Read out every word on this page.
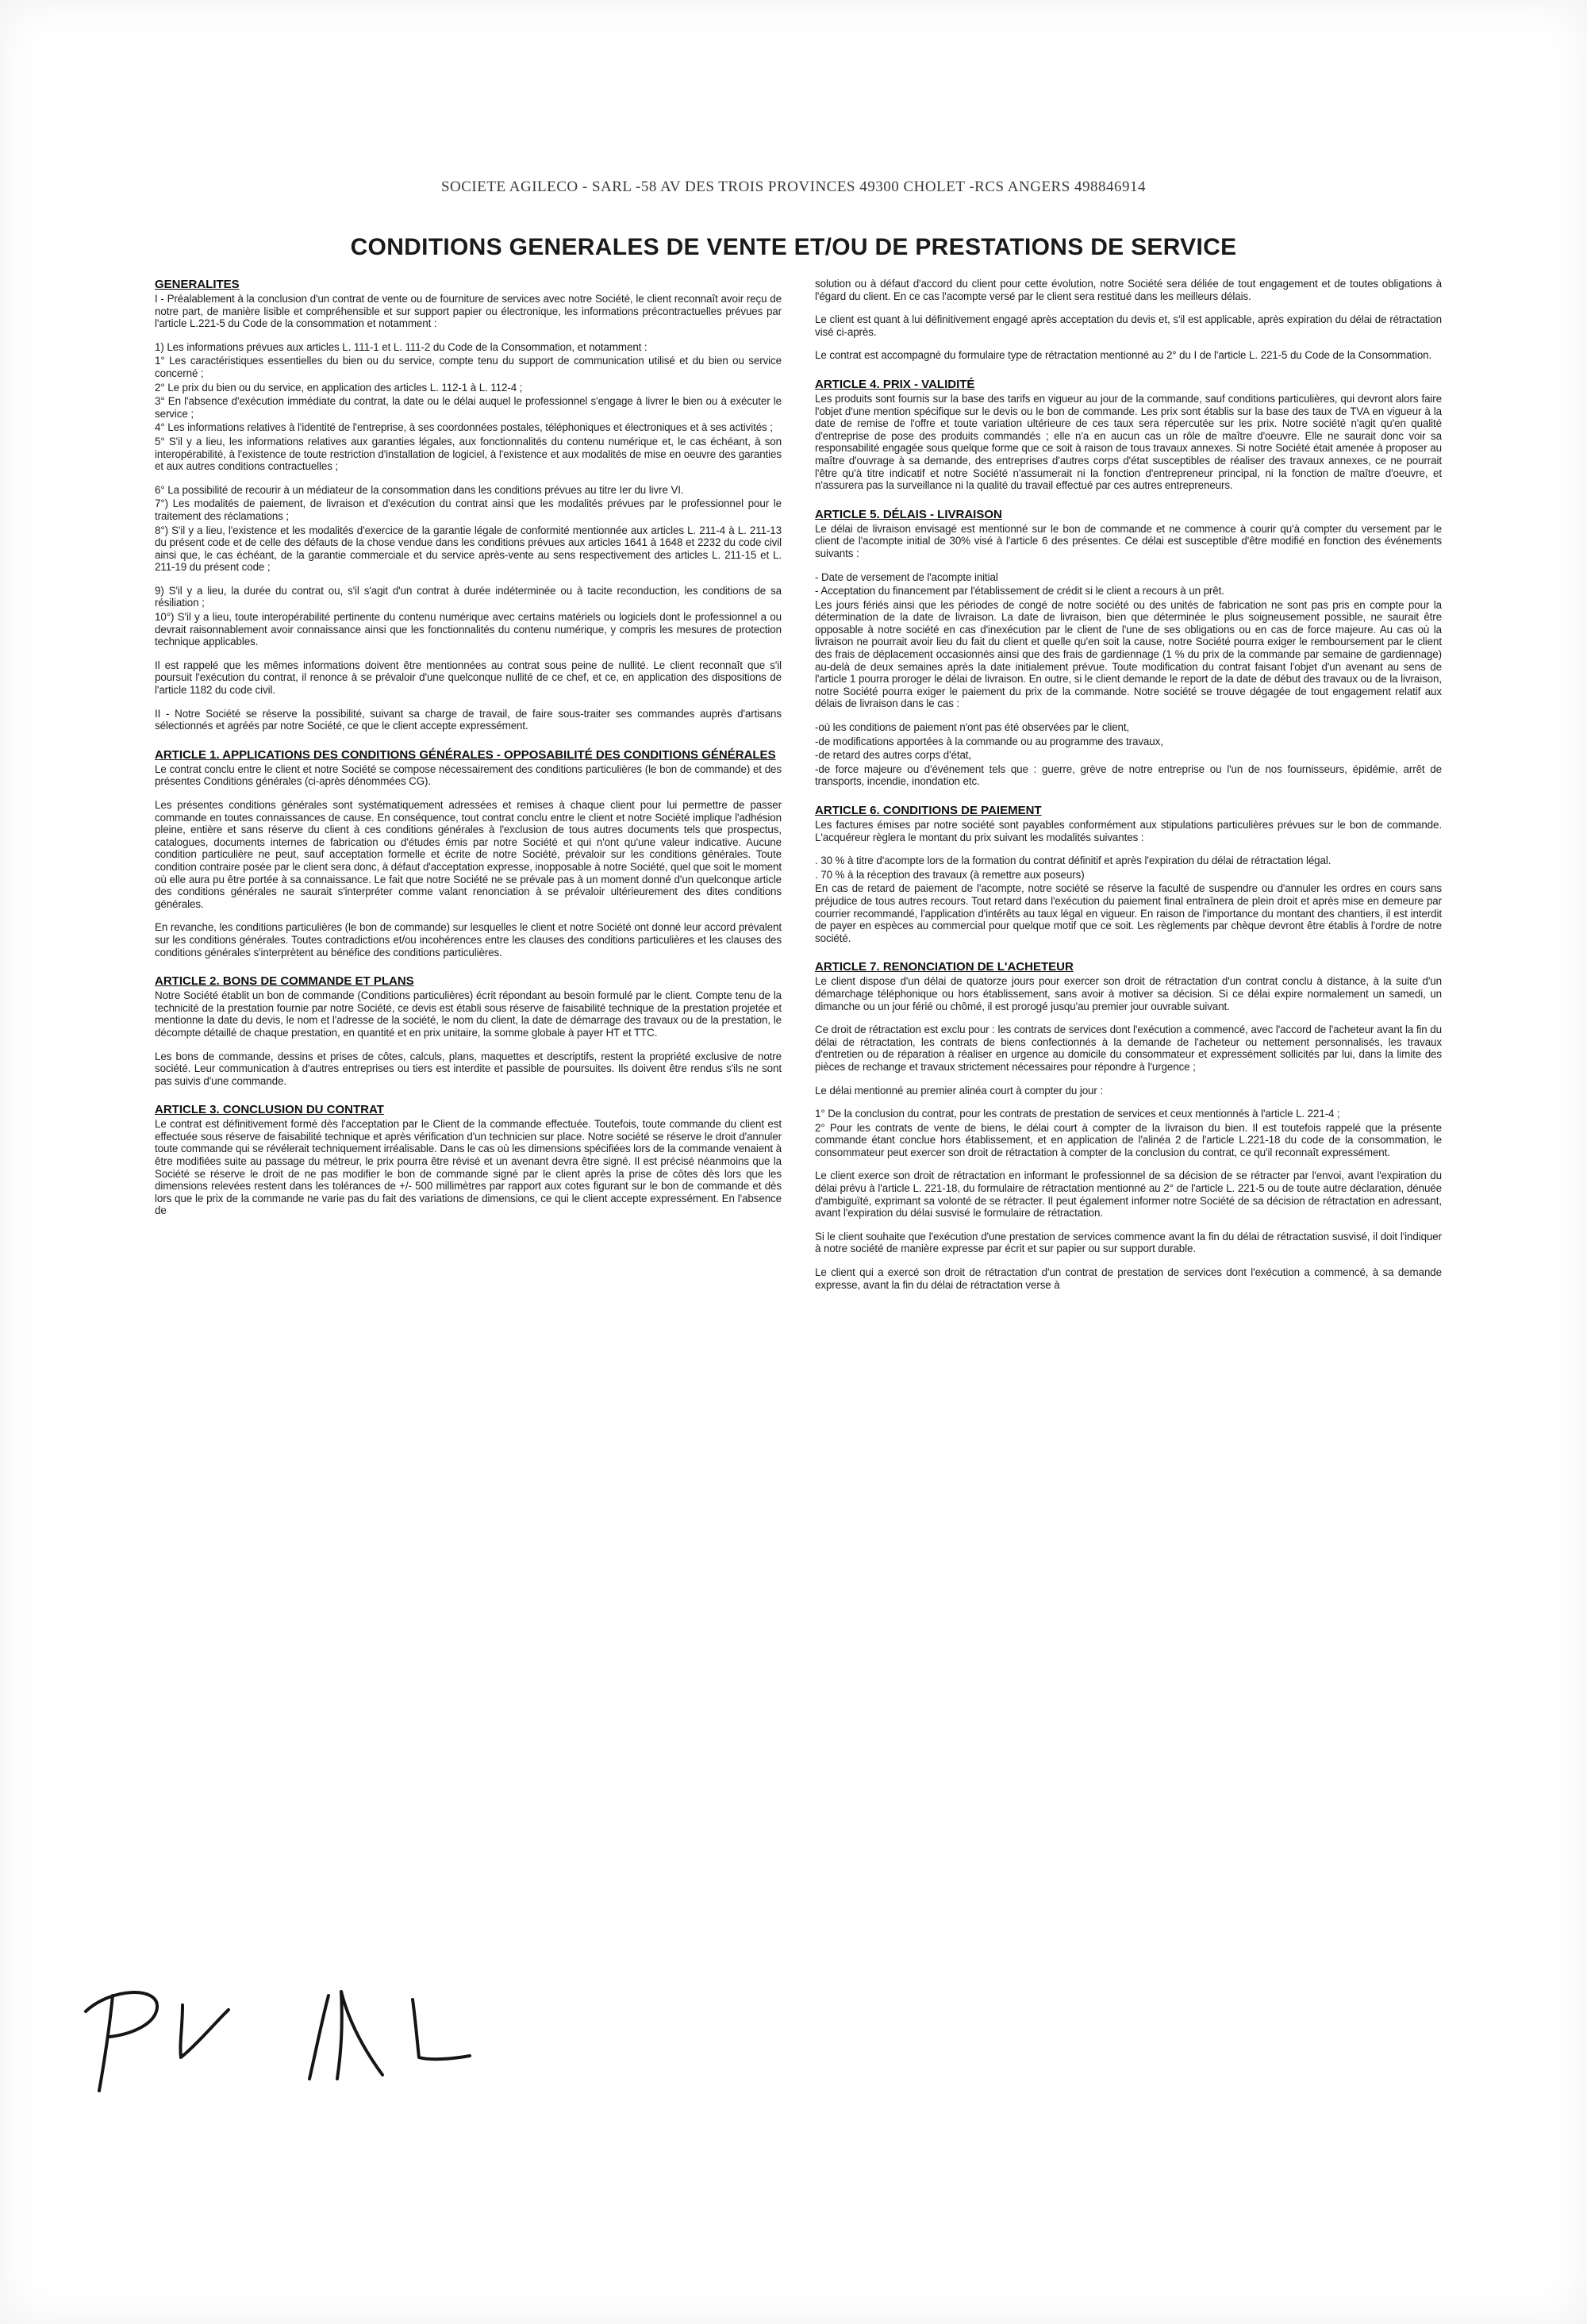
SOCIETE AGILECO - SARL -58 AV DES TROIS PROVINCES 49300 CHOLET -RCS ANGERS 498846914
CONDITIONS GENERALES DE VENTE ET/OU DE PRESTATIONS DE SERVICE
GENERALITES
I - Préalablement à la conclusion d'un contrat de vente ou de fourniture de services avec notre Société, le client reconnaît avoir reçu de notre part, de manière lisible et compréhensible et sur support papier ou électronique, les informations précontractuelles prévues par l'article L.221-5 du Code de la consommation et notamment :
1) Les informations prévues aux articles L. 111-1 et L. 111-2 du Code de la Consommation, et notamment :
1° Les caractéristiques essentielles du bien ou du service, compte tenu du support de communication utilisé et du bien ou service concerné ;
2° Le prix du bien ou du service, en application des articles L. 112-1 à L. 112-4 ;
3° En l'absence d'exécution immédiate du contrat, la date ou le délai auquel le professionnel s'engage à livrer le bien ou à exécuter le service ;
4° Les informations relatives à l'identité de l'entreprise, à ses coordonnées postales, téléphoniques et électroniques et à ses activités ;
5° S'il y a lieu, les informations relatives aux garanties légales, aux fonctionnalités du contenu numérique et, le cas échéant, à son interopérabilité, à l'existence de toute restriction d'installation de logiciel, à l'existence et aux modalités de mise en oeuvre des garanties et aux autres conditions contractuelles ;
6° La possibilité de recourir à un médiateur de la consommation dans les conditions prévues au titre Ier du livre VI.
7°) Les modalités de paiement, de livraison et d'exécution du contrat ainsi que les modalités prévues par le professionnel pour le traitement des réclamations ;
8°) S'il y a lieu, l'existence et les modalités d'exercice de la garantie légale de conformité mentionnée aux articles L. 211-4 à L. 211-13 du présent code et de celle des défauts de la chose vendue dans les conditions prévues aux articles 1641 à 1648 et 2232 du code civil ainsi que, le cas échéant, de la garantie commerciale et du service après-vente au sens respectivement des articles L. 211-15 et L. 211-19 du présent code ;
9) S'il y a lieu, la durée du contrat ou, s'il s'agit d'un contrat à durée indéterminée ou à tacite reconduction, les conditions de sa résiliation ;
10°) S'il y a lieu, toute interopérabilité pertinente du contenu numérique avec certains matériels ou logiciels dont le professionnel a ou devrait raisonnablement avoir connaissance ainsi que les fonctionnalités du contenu numérique, y compris les mesures de protection technique applicables.
Il est rappelé que les mêmes informations doivent être mentionnées au contrat sous peine de nullité. Le client reconnaît que s'il poursuit l'exécution du contrat, il renonce à se prévaloir d'une quelconque nullité de ce chef, et ce, en application des dispositions de l'article 1182 du code civil.
II - Notre Société se réserve la possibilité, suivant sa charge de travail, de faire sous-traiter ses commandes auprès d'artisans sélectionnés et agréés par notre Société, ce que le client accepte expressément.
ARTICLE 1. APPLICATIONS DES CONDITIONS GÉNÉRALES - OPPOSABILITÉ DES CONDITIONS GÉNÉRALES
Le contrat conclu entre le client et notre Société se compose nécessairement des conditions particulières (le bon de commande) et des présentes Conditions générales (ci-après dénommées CG).
Les présentes conditions générales sont systématiquement adressées et remises à chaque client pour lui permettre de passer commande en toutes connaissances de cause. En conséquence, tout contrat conclu entre le client et notre Société implique l'adhésion pleine, entière et sans réserve du client à ces conditions générales à l'exclusion de tous autres documents tels que prospectus, catalogues, documents internes de fabrication ou d'études émis par notre Société et qui n'ont qu'une valeur indicative. Aucune condition particulière ne peut, sauf acceptation formelle et écrite de notre Société, prévaloir sur les conditions générales. Toute condition contraire posée par le client sera donc, à défaut d'acceptation expresse, inopposable à notre Société, quel que soit le moment où elle aura pu être portée à sa connaissance. Le fait que notre Société ne se prévale pas à un moment donné d'un quelconque article des conditions générales ne saurait s'interpréter comme valant renonciation à se prévaloir ultérieurement des dites conditions générales.
En revanche, les conditions particulières (le bon de commande) sur lesquelles le client et notre Société ont donné leur accord prévalent sur les conditions générales. Toutes contradictions et/ou incohérences entre les clauses des conditions particulières et les clauses des conditions générales s'interprètent au bénéfice des conditions particulières.
ARTICLE 2. BONS DE COMMANDE ET PLANS
Notre Société établit un bon de commande (Conditions particulières) écrit répondant au besoin formulé par le client. Compte tenu de la technicité de la prestation fournie par notre Société, ce devis est établi sous réserve de faisabilité technique de la prestation projetée et mentionne la date du devis, le nom et l'adresse de la société, le nom du client, la date de démarrage des travaux ou de la prestation, le décompte détaillé de chaque prestation, en quantité et en prix unitaire, la somme globale à payer HT et TTC.
Les bons de commande, dessins et prises de côtes, calculs, plans, maquettes et descriptifs, restent la propriété exclusive de notre société. Leur communication à d'autres entreprises ou tiers est interdite et passible de poursuites. Ils doivent être rendus s'ils ne sont pas suivis d'une commande.
ARTICLE 3. CONCLUSION DU CONTRAT
Le contrat est définitivement formé dès l'acceptation par le Client de la commande effectuée. Toutefois, toute commande du client est effectuée sous réserve de faisabilité technique et après vérification d'un technicien sur place. Notre société se réserve le droit d'annuler toute commande qui se révélerait techniquement irréalisable. Dans le cas où les dimensions spécifiées lors de la commande venaient à être modifiées suite au passage du métreur, le prix pourra être révisé et un avenant devra être signé. Il est précisé néanmoins que la Société se réserve le droit de ne pas modifier le bon de commande signé par le client après la prise de côtes dès lors que les dimensions relevées restent dans les tolérances de +/- 500 millimètres par rapport aux cotes figurant sur le bon de commande et dès lors que le prix de la commande ne varie pas du fait des variations de dimensions, ce qui le client accepte expressément. En l'absence de
solution ou à défaut d'accord du client pour cette évolution, notre Société sera déliée de tout engagement et de toutes obligations à l'égard du client. En ce cas l'acompte versé par le client sera restitué dans les meilleurs délais.
Le client est quant à lui définitivement engagé après acceptation du devis et, s'il est applicable, après expiration du délai de rétractation visé ci-après.
Le contrat est accompagné du formulaire type de rétractation mentionné au 2° du I de l'article L. 221-5 du Code de la Consommation.
ARTICLE 4. PRIX - VALIDITÉ
Les produits sont fournis sur la base des tarifs en vigueur au jour de la commande, sauf conditions particulières, qui devront alors faire l'objet d'une mention spécifique sur le devis ou le bon de commande. Les prix sont établis sur la base des taux de TVA en vigueur à la date de remise de l'offre et toute variation ultérieure de ces taux sera répercutée sur les prix. Notre société n'agit qu'en qualité d'entreprise de pose des produits commandés ; elle n'a en aucun cas un rôle de maître d'oeuvre. Elle ne saurait donc voir sa responsabilité engagée sous quelque forme que ce soit à raison de tous travaux annexes. Si notre Société était amenée à proposer au maître d'ouvrage à sa demande, des entreprises d'autres corps d'état susceptibles de réaliser des travaux annexes, ce ne pourrait l'être qu'à titre indicatif et notre Société n'assumerait ni la fonction d'entrepreneur principal, ni la fonction de maître d'oeuvre, et n'assurera pas la surveillance ni la qualité du travail effectué par ces autres entrepreneurs.
ARTICLE 5. DÉLAIS - LIVRAISON
Le délai de livraison envisagé est mentionné sur le bon de commande et ne commence à courir qu'à compter du versement par le client de l'acompte initial de 30% visé à l'article 6 des présentes. Ce délai est susceptible d'être modifié en fonction des événements suivants :
- Date de versement de l'acompte initial
- Acceptation du financement par l'établissement de crédit si le client a recours à un prêt.
Les jours fériés ainsi que les périodes de congé de notre société ou des unités de fabrication ne sont pas pris en compte pour la détermination de la date de livraison. La date de livraison, bien que déterminée le plus soigneusement possible, ne saurait être opposable à notre société en cas d'inexécution par le client de l'une de ses obligations ou en cas de force majeure. Au cas où la livraison ne pourrait avoir lieu du fait du client et quelle qu'en soit la cause, notre Société pourra exiger le remboursement par le client des frais de déplacement occasionnés ainsi que des frais de gardiennage (1 % du prix de la commande par semaine de gardiennage) au-delà de deux semaines après la date initialement prévue. Toute modification du contrat faisant l'objet d'un avenant au sens de l'article 1 pourra proroger le délai de livraison. En outre, si le client demande le report de la date de début des travaux ou de la livraison, notre Société pourra exiger le paiement du prix de la commande. Notre société se trouve dégagée de tout engagement relatif aux délais de livraison dans le cas :
-où les conditions de paiement n'ont pas été observées par le client,
-de modifications apportées à la commande ou au programme des travaux,
-de retard des autres corps d'état,
-de force majeure ou d'événement tels que : guerre, grève de notre entreprise ou l'un de nos fournisseurs, épidémie, arrêt de transports, incendie, inondation etc.
ARTICLE 6. CONDITIONS DE PAIEMENT
Les factures émises par notre société sont payables conformément aux stipulations particulières prévues sur le bon de commande. L'acquéreur règlera le montant du prix suivant les modalités suivantes :
. 30 % à titre d'acompte lors de la formation du contrat définitif et après l'expiration du délai de rétractation légal.
. 70 % à la réception des travaux (à remettre aux poseurs)
En cas de retard de paiement de l'acompte, notre société se réserve la faculté de suspendre ou d'annuler les ordres en cours sans préjudice de tous autres recours. Tout retard dans l'exécution du paiement final entraînera de plein droit et après mise en demeure par courrier recommandé, l'application d'intérêts au taux légal en vigueur. En raison de l'importance du montant des chantiers, il est interdit de payer en espèces au commercial pour quelque motif que ce soit. Les règlements par chèque devront être établis à l'ordre de notre société.
ARTICLE 7. RENONCIATION DE L'ACHETEUR
Le client dispose d'un délai de quatorze jours pour exercer son droit de rétractation d'un contrat conclu à distance, à la suite d'un démarchage téléphonique ou hors établissement, sans avoir à motiver sa décision. Si ce délai expire normalement un samedi, un dimanche ou un jour férié ou chômé, il est prorogé jusqu'au premier jour ouvrable suivant.
Ce droit de rétractation est exclu pour : les contrats de services dont l'exécution a commencé, avec l'accord de l'acheteur avant la fin du délai de rétractation, les contrats de biens confectionnés à la demande de l'acheteur ou nettement personnalisés, les travaux d'entretien ou de réparation à réaliser en urgence au domicile du consommateur et expressément sollicités par lui, dans la limite des pièces de rechange et travaux strictement nécessaires pour répondre à l'urgence ;
Le délai mentionné au premier alinéa court à compter du jour :
1° De la conclusion du contrat, pour les contrats de prestation de services et ceux mentionnés à l'article L. 221-4 ;
2° Pour les contrats de vente de biens, le délai court à compter de la livraison du bien. Il est toutefois rappelé que la présente commande étant conclue hors établissement, et en application de l'alinéa 2 de l'article L.221-18 du code de la consommation, le consommateur peut exercer son droit de rétractation à compter de la conclusion du contrat, ce qu'il reconnaît expressément.
Le client exerce son droit de rétractation en informant le professionnel de sa décision de se rétracter par l'envoi, avant l'expiration du délai prévu à l'article L. 221-18, du formulaire de rétractation mentionné au 2° de l'article L. 221-5 ou de toute autre déclaration, dénuée d'ambiguïté, exprimant sa volonté de se rétracter. Il peut également informer notre Société de sa décision de rétractation en adressant, avant l'expiration du délai susvisé le formulaire de rétractation.
Si le client souhaite que l'exécution d'une prestation de services commence avant la fin du délai de rétractation susvisé, il doit l'indiquer à notre société de manière expresse par écrit et sur papier ou sur support durable.
Le client qui a exercé son droit de rétractation d'un contrat de prestation de services dont l'exécution a commencé, à sa demande expresse, avant la fin du délai de rétractation verse à
